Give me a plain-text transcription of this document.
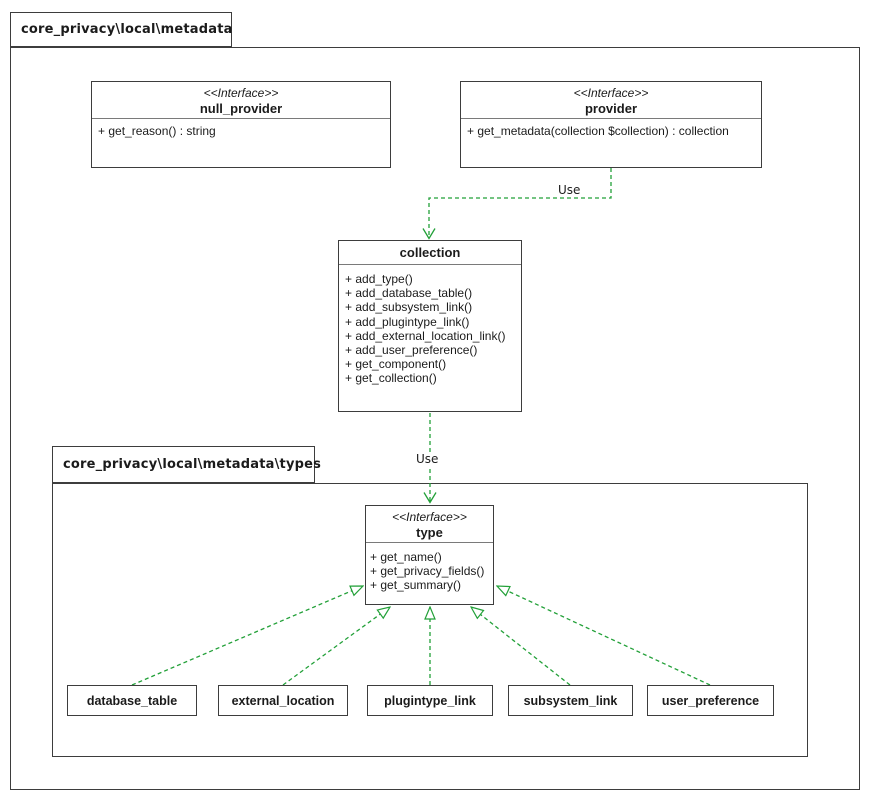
core_privacy\local\metadata
core_privacy\local\metadata\types
Use
Use
<<Interface>>
null_provider
+ get_reason() : string
<<Interface>>
provider
+ get_metadata(collection $collection) : collection
collection
+ add_type()
+ add_database_table()
+ add_subsystem_link()
+ add_plugintype_link()
+ add_external_location_link()
+ add_user_preference()
+ get_component()
+ get_collection()
<<Interface>>
type
+ get_name()
+ get_privacy_fields()
+ get_summary()
database_table	external_location	plugintype_link	subsystem_link	user_preference
